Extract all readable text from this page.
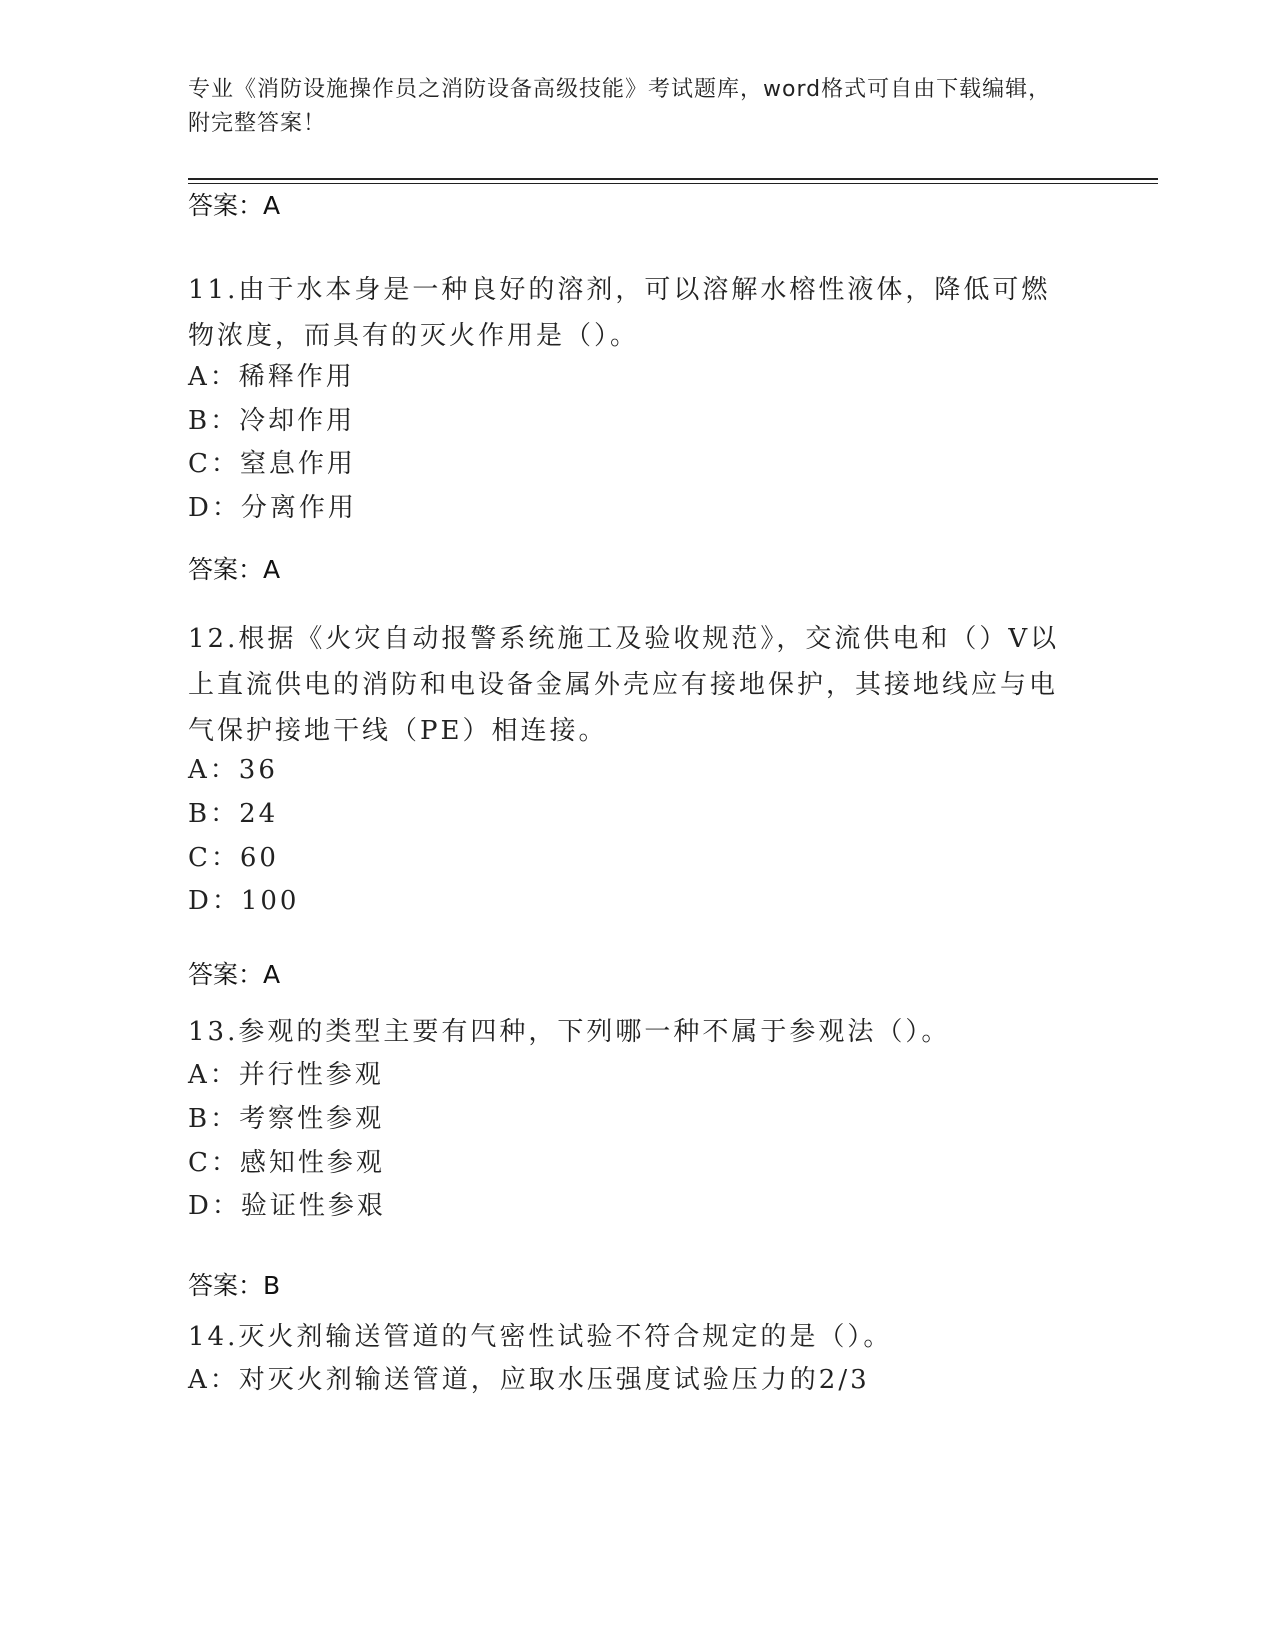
专业《消防设施操作员之消防设备高级技能》考试题库，word格式可自由下载编辑，附完整答案！
答案：A
11.由于水本身是一种良好的溶剂，可以溶解水榕性液体，降低可燃物浓度，而具有的灭火作用是（）。
A：稀释作用
B：冷却作用
C：窒息作用
D：分离作用
答案：A
12.根据《火灾自动报警系统施工及验收规范》，交流供电和（）V以上直流供电的消防和电设备金属外壳应有接地保护，其接地线应与电气保护接地干线（PE）相连接。
A：36
B：24
C：60
D：100
答案：A
13.参观的类型主要有四种，下列哪一种不属于参观法（）。
A：并行性参观
B：考察性参观
C：感知性参观
D：验证性参艰
答案：B
14.灭火剂输送管道的气密性试验不符合规定的是（）。
A：对灭火剂输送管道，应取水压强度试验压力的2/3
